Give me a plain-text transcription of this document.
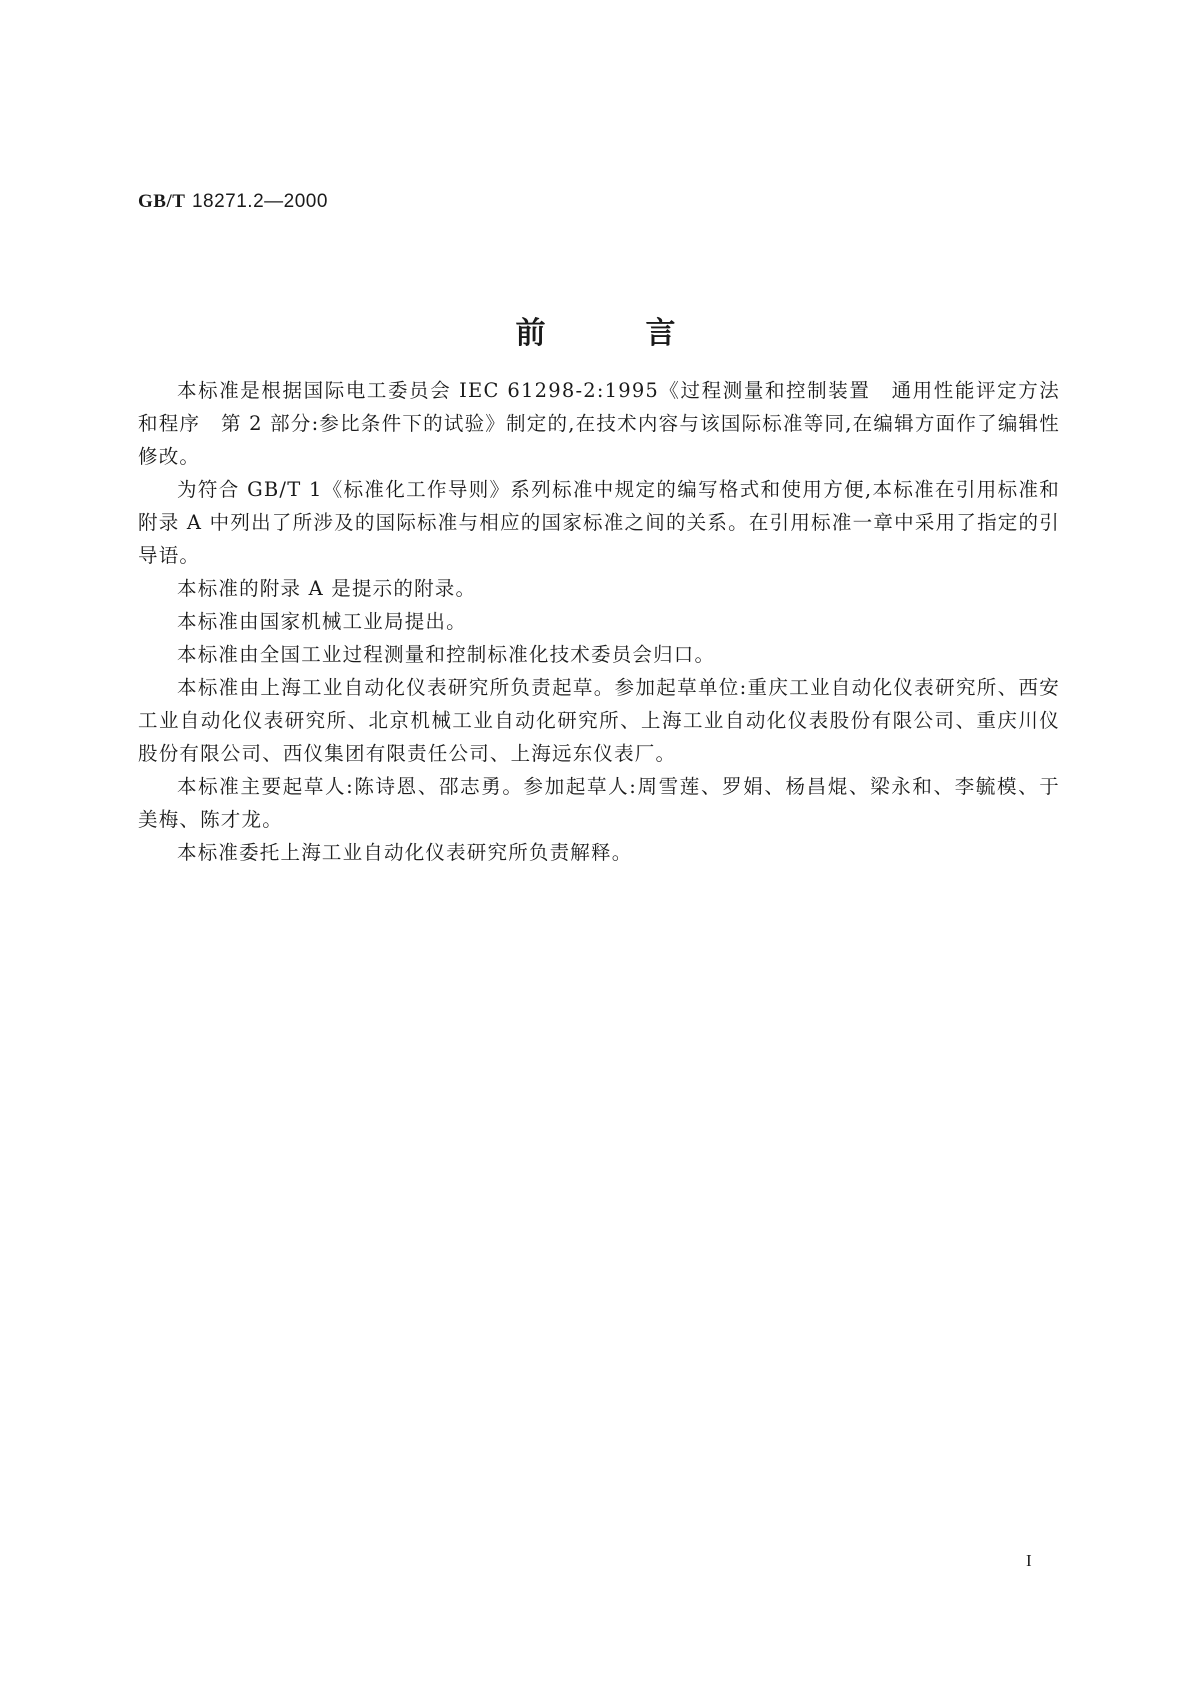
GB/T 18271.2—2000
前言

本标准是根据国际电工委员会 IEC 61298-2:1995《过程测量和控制装置　通用性能评定方法和程序　第 2 部分:参比条件下的试验》制定的,在技术内容与该国际标准等同,在编辑方面作了编辑性修改。

为符合 GB/T 1《标准化工作导则》系列标准中规定的编写格式和使用方便,本标准在引用标准和附录 A 中列出了所涉及的国际标准与相应的国家标准之间的关系。在引用标准一章中采用了指定的引导语。

本标准的附录 A 是提示的附录。

本标准由国家机械工业局提出。

本标准由全国工业过程测量和控制标准化技术委员会归口。

本标准由上海工业自动化仪表研究所负责起草。参加起草单位:重庆工业自动化仪表研究所、西安工业自动化仪表研究所、北京机械工业自动化研究所、上海工业自动化仪表股份有限公司、重庆川仪股份有限公司、西仪集团有限责任公司、上海远东仪表厂。

本标准主要起草人:陈诗恩、邵志勇。参加起草人:周雪莲、罗娟、杨昌焜、梁永和、李毓模、于美梅、陈才龙。

本标准委托上海工业自动化仪表研究所负责解释。

I
